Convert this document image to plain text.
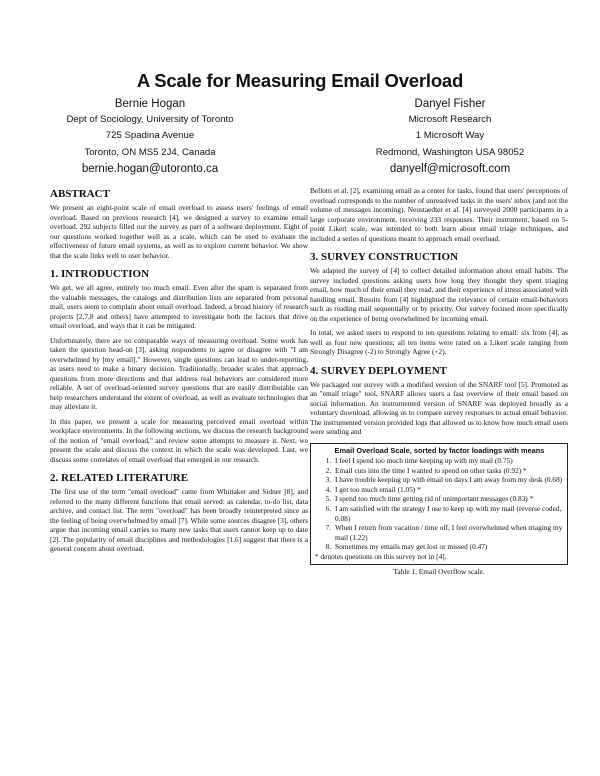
A Scale for Measuring Email Overload
Bernie Hogan
Dept of Sociology, University of Toronto
725 Spadina Avenue
Toronto, ON MS5 2J4, Canada
bernie.hogan@utoronto.ca
Danyel Fisher
Microsoft Research
1 Microsoft Way
Redmond, Washington USA 98052
danyelf@microsoft.com
ABSTRACT

We present an eight-point scale of email overload to assess users' feelings of email overload. Based on previous research [4], we designed a survey to examine email overload. 292 subjects filled out the survey as part of a software deployment. Eight of our questions worked together well as a scale, which can be used to evaluate the effectiveness of future email systems, as well as to explore current behavior. We show that the scale links well to user behavior.

1. INTRODUCTION

We get, we all agree, entirely too much email. Even after the spam is separated from the valuable messages, the catalogs and distribution lists are separated from personal mail, users seem to complain about email overload. Indeed, a broad history of research projects [2,7,8 and others] have attempted to investigate both the factors that drive email overload, and ways that it can be mitigated.

Unfortunately, there are no comparable ways of measuring overload. Some work has taken the question head-on [3], asking respondents to agree or disagree with "I am overwhelmed by [my email]." However, single questions can lead to under-reporting, as users need to make a binary decision. Traditionally, broader scales that approach questions from more directions and that address real behaviors are considered more reliable. A set of overload-oriented survey questions that are easily distributable can help researchers understand the extent of overload, as well as evaluate technologies that may alleviate it.

In this paper, we present a scale for measuring perceived email overload within workplace environments. In the following sections, we discuss the research background of the notion of "email overload," and review some attempts to measure it. Next, we present the scale and discuss the context in which the scale was developed. Last, we discuss some correlates of email overload that emerged in our research.

2. RELATED LITERATURE

The first use of the term "email overload" came from Whittaker and Sidner [8], and referred to the many different functions that email served: as calendar, to-do list, data archive, and contact list. The term "overload" has been broadly reinterpreted since as the feeling of being overwhelmed by email [7]. While some sources disagree [3], others argue that incoming email carries so many new tasks that users cannot keep up to date [2]. The popularity of email disciplines and methodologies [1,6] suggest that there is a general concern about overload.

Bellotti et al. [2], examining email as a center for tasks, found that users' perceptions of overload corresponds to the number of unresolved tasks in the users' inbox (and not the volume of messages incoming). Neustaedter et al. [4] surveyed 2000 participants in a large corporate environment, receiving 233 responses. Their instrument, based on 5-point Likert scale, was intended to both learn about email triage techniques, and included a series of questions meant to approach email overload.

3. SURVEY CONSTRUCTION

We adapted the survey of [4] to collect detailed information about email habits. The survey included questions asking users how long they thought they spent triaging email, how much of their email they read, and their experience of stress associated with handling email. Results from [4] highlighted the relevance of certain email-behaviors such as reading mail sequentially or by priority. Our survey focused more specifically on the experience of being overwhelmed by incoming email.

In total, we asked users to respond to ten questions relating to email: six from [4], as well as four new questions; all ten items were rated on a Likert scale ranging from Strongly Disagree (-2) to Strongly Agree (+2).

4. SURVEY DEPLOYMENT

We packaged our survey with a modified version of the SNARF tool [5]. Promoted as an "email triage" tool, SNARF allows users a fast overview of their email based on social information. An instrumented version of SNARF was deployed broadly as a voluntary download, allowing us to compare survey responses to actual email behavior. The instrumented version provided logs that allowed us to know how much email users were sending and

Email Overload Scale, sorted by factor loadings with means
1. I feel I spend too much time keeping up with my mail (0.75)
2. Email cuts into the time I wanted to spend on other tasks (0.92) *
3. I have trouble keeping up with email on days I am away from my desk (0.68)
4. I get too much email (1.05) *
5. I spend too much time getting rid of unimportant messages (0.83) *
6. I am satisfied with the strategy I use to keep up with my mail (reverse coded, 0.08)
7. When I return from vacation / time off, I feel overwhelmed when triaging my mail (1.22)
8. Sometimes my emails may get lost or missed (0.47)
* denotes questions on this survey not in [4].
Table 1. Email Overflow scale.
